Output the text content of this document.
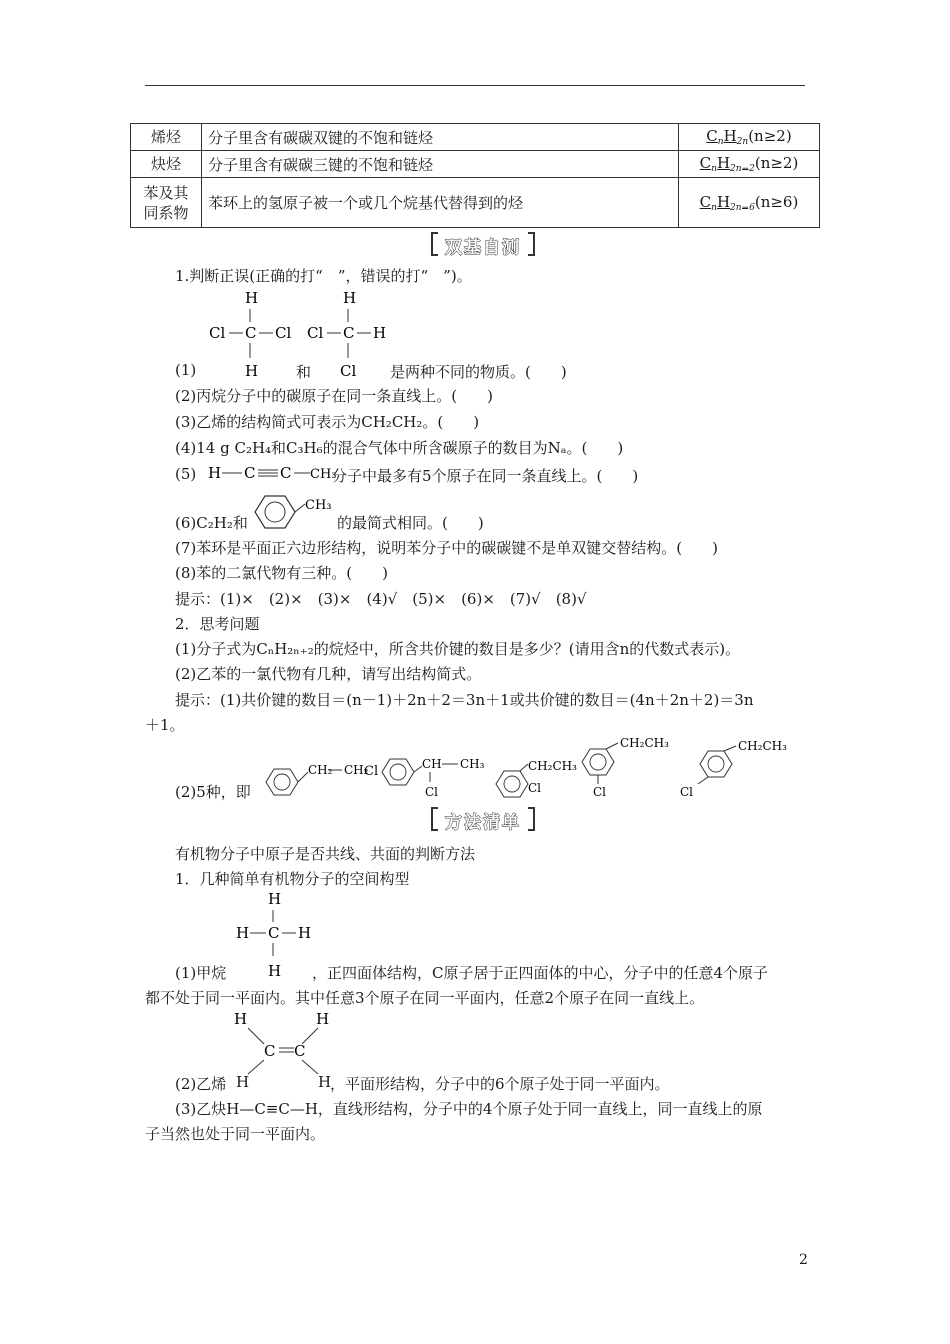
烯烃	分子里含有碳碳双键的不饱和链烃	$C_nH_{2n}(n\ge 2)$
炔烃	分子里含有碳碳三键的不饱和链烃	$C_nH_{2n-2}(n\ge 2)$
苯及其
同系物	苯环上的氢原子被一个或几个烷基代替得到的烃	$C_nH_{2n-6}(n\ge 6)$
双基自测
1.判断正误(正确的打“　”，错误的打“　”)。
H
Cl C Cl
H
H
Cl C H
Cl
(1)	和	是两种不同的物质。(　　)
(2)丙烷分子中的碳原子在同一条直线上。(　　)
(3)乙烯的结构简式可表示为CH₂CH₂。(　　)
(4)14 g C₂H₄和C₃H₆的混合气体中所含碳原子的数目为Nₐ。(　　)
(5) H C C CH₃
分子中最多有5个原子在同一条直线上。(　　)
(6)C₂H₂和
CH₃
的最简式相同。(　　)
(7)苯环是平面正六边形结构，说明苯分子中的碳碳键不是单双键交替结构。(　　)
(8)苯的二氯代物有三种。(　　)
提示：(1)×　(2)×　(3)×　(4)√　(5)×　(6)×　(7)√　(8)√
2．思考问题
(1)分子式为CₙH₂ₙ₊₂的烷烃中，所含共价键的数目是多少？(请用含n的代数式表示)。
(2)乙苯的一氯代物有几种，请写出结构简式。
提示：(1)共价键的数目＝(n－1)＋2n＋2＝3n＋1或共价键的数目＝(4n＋2n＋2)＝3n
＋1。
(2)5种，即
CH₂ CH₂
Cl	CH CH₃
Cl
CH₂CH₃
Cl
CH₂CH₃
Cl
CH₂CH₃
Cl
方法清单
有机物分子中原子是否共线、共面的判断方法
1．几种简单有机物分子的空间构型
H
H C H
H
(1)甲烷	，正四面体结构，C原子居于正四面体的中心，分子中的任意4个原子
都不处于同一平面内。其中任意3个原子在同一平面内，任意2个原子在同一直线上。
H	H
C C
(2)乙烯 H	H
，平面形结构，分子中的6个原子处于同一平面内。
(3)乙炔H—C≡C—H，直线形结构，分子中的4个原子处于同一直线上，同一直线上的原
子当然也处于同一平面内。
2
